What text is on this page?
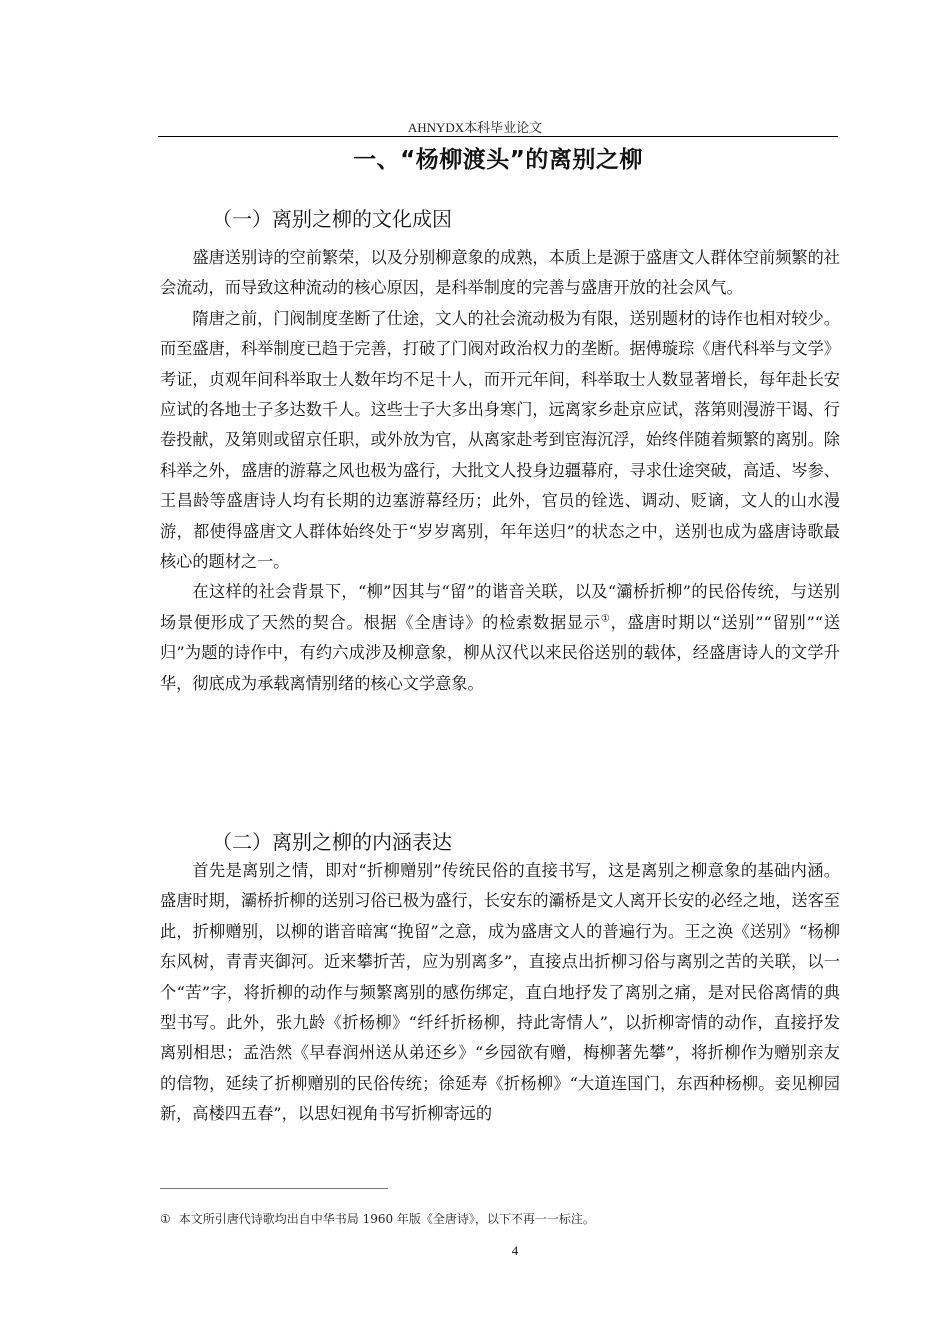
AHNYDX本科毕业论文
一、“杨柳渡头”的离别之柳
（一）离别之柳的文化成因

盛唐送别诗的空前繁荣，以及分别柳意象的成熟，本质上是源于盛唐文人群体空前频繁的社会流动，而导致这种流动的核心原因，是科举制度的完善与盛唐开放的社会风气。

隋唐之前，门阀制度垄断了仕途，文人的社会流动极为有限，送别题材的诗作也相对较少。而至盛唐，科举制度已趋于完善，打破了门阀对政治权力的垄断。据傅璇琮《唐代科举与文学》考证，贞观年间科举取士人数年均不足十人，而开元年间，科举取士人数显著增长，每年赴长安应试的各地士子多达数千人。这些士子大多出身寒门，远离家乡赴京应试，落第则漫游干谒、行卷投献，及第则或留京任职，或外放为官，从离家赴考到宦海沉浮，始终伴随着频繁的离别。除科举之外，盛唐的游幕之风也极为盛行，大批文人投身边疆幕府，寻求仕途突破，高适、岑参、王昌龄等盛唐诗人均有长期的边塞游幕经历；此外，官员的铨选、调动、贬谪，文人的山水漫游，都使得盛唐文人群体始终处于“岁岁离别，年年送归”的状态之中，送别也成为盛唐诗歌最核心的题材之一。

在这样的社会背景下，“柳”因其与“留”的谐音关联，以及“灞桥折柳”的民俗传统，与送别场景便形成了天然的契合。根据《全唐诗》的检索数据显示①，盛唐时期以“送别”“留别”“送归”为题的诗作中，有约六成涉及柳意象，柳从汉代以来民俗送别的载体，经盛唐诗人的文学升华，彻底成为承载离情别绪的核心文学意象。

（二）离别之柳的内涵表达

首先是离别之情，即对“折柳赠别”传统民俗的直接书写，这是离别之柳意象的基础内涵。盛唐时期，灞桥折柳的送别习俗已极为盛行，长安东的灞桥是文人离开长安的必经之地，送客至此，折柳赠别，以柳的谐音暗寓“挽留”之意，成为盛唐文人的普遍行为。王之涣《送别》“杨柳东风树，青青夹御河。近来攀折苦，应为别离多”，直接点出折柳习俗与离别之苦的关联，以一个“苦”字，将折柳的动作与频繁离别的感伤绑定，直白地抒发了离别之痛，是对民俗离情的典型书写。此外，张九龄《折杨柳》“纤纤折杨柳，持此寄情人”，以折柳寄情的动作，直接抒发离别相思；孟浩然《早春润州送从弟还乡》“乡园欲有赠，梅柳著先攀”，将折柳作为赠别亲友的信物，延续了折柳赠别的民俗传统；徐延寿《折杨柳》“大道连国门，东西种杨柳。妾见柳园新，高楼四五春”，以思妇视角书写折柳寄远的

① 本文所引唐代诗歌均出自中华书局 1960 年版《全唐诗》，以下不再一一标注。
4
